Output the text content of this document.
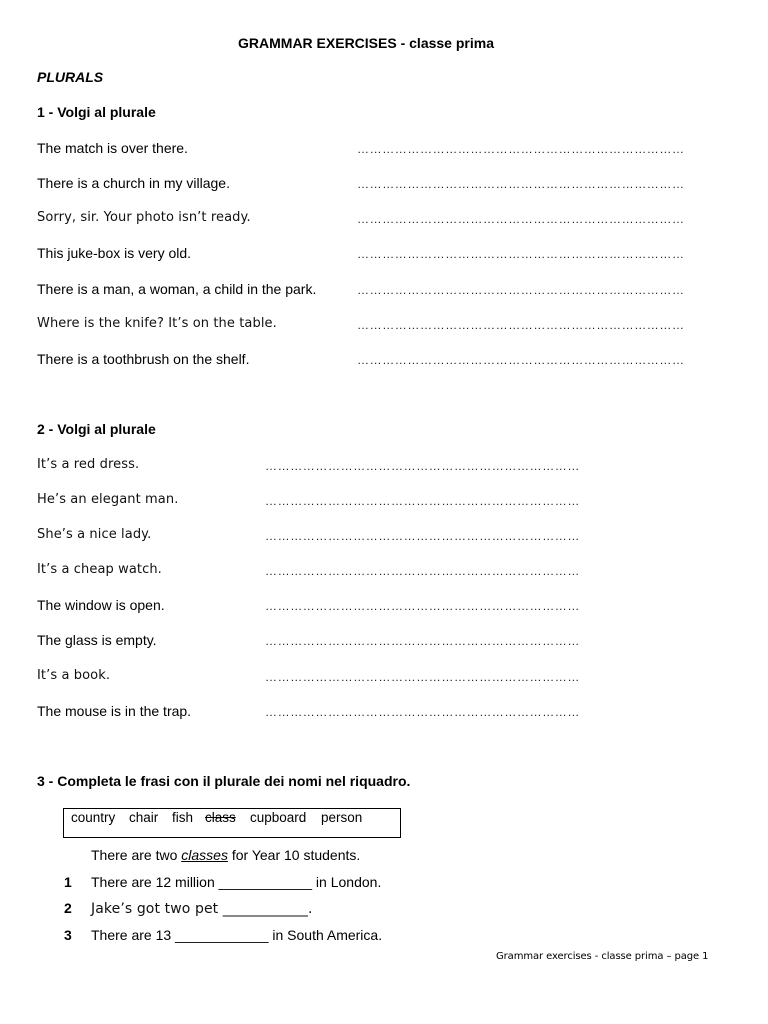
GRAMMAR EXERCISES - classe prima
PLURALS
1 - Volgi al plurale
The match is over there.	……………………………………………………………………
There is a church in my village.	……………………………………………………………………
Sorry, sir. Your photo isn’t ready.	……………………………………………………………………
This juke-box is very old.	……………………………………………………………………
There is a man, a woman, a child in the park.	……………………………………………………………………
Where is the knife? It’s on the table.	……………………………………………………………………
There is a toothbrush on the shelf.	……………………………………………………………………
2 - Volgi al plurale
It’s a red dress.	…………………………………………………………………
He’s an elegant man.	…………………………………………………………………
She’s a nice lady.	…………………………………………………………………
It’s a cheap watch.	…………………………………………………………………
The window is open.	…………………………………………………………………
The glass is empty.	…………………………………………………………………
It’s a book.	…………………………………………………………………
The mouse is in the trap.	…………………………………………………………………
3 - Completa le frasi con il plurale dei nomi nel riquadro.
country chair fish class cupboard person
There are two classes for Year 10 students.
1 There are 12 million ____________ in London.
2 Jake’s got two pet ____________.
3 There are 13 ____________ in South America.
Grammar exercises - classe prima – page 1
